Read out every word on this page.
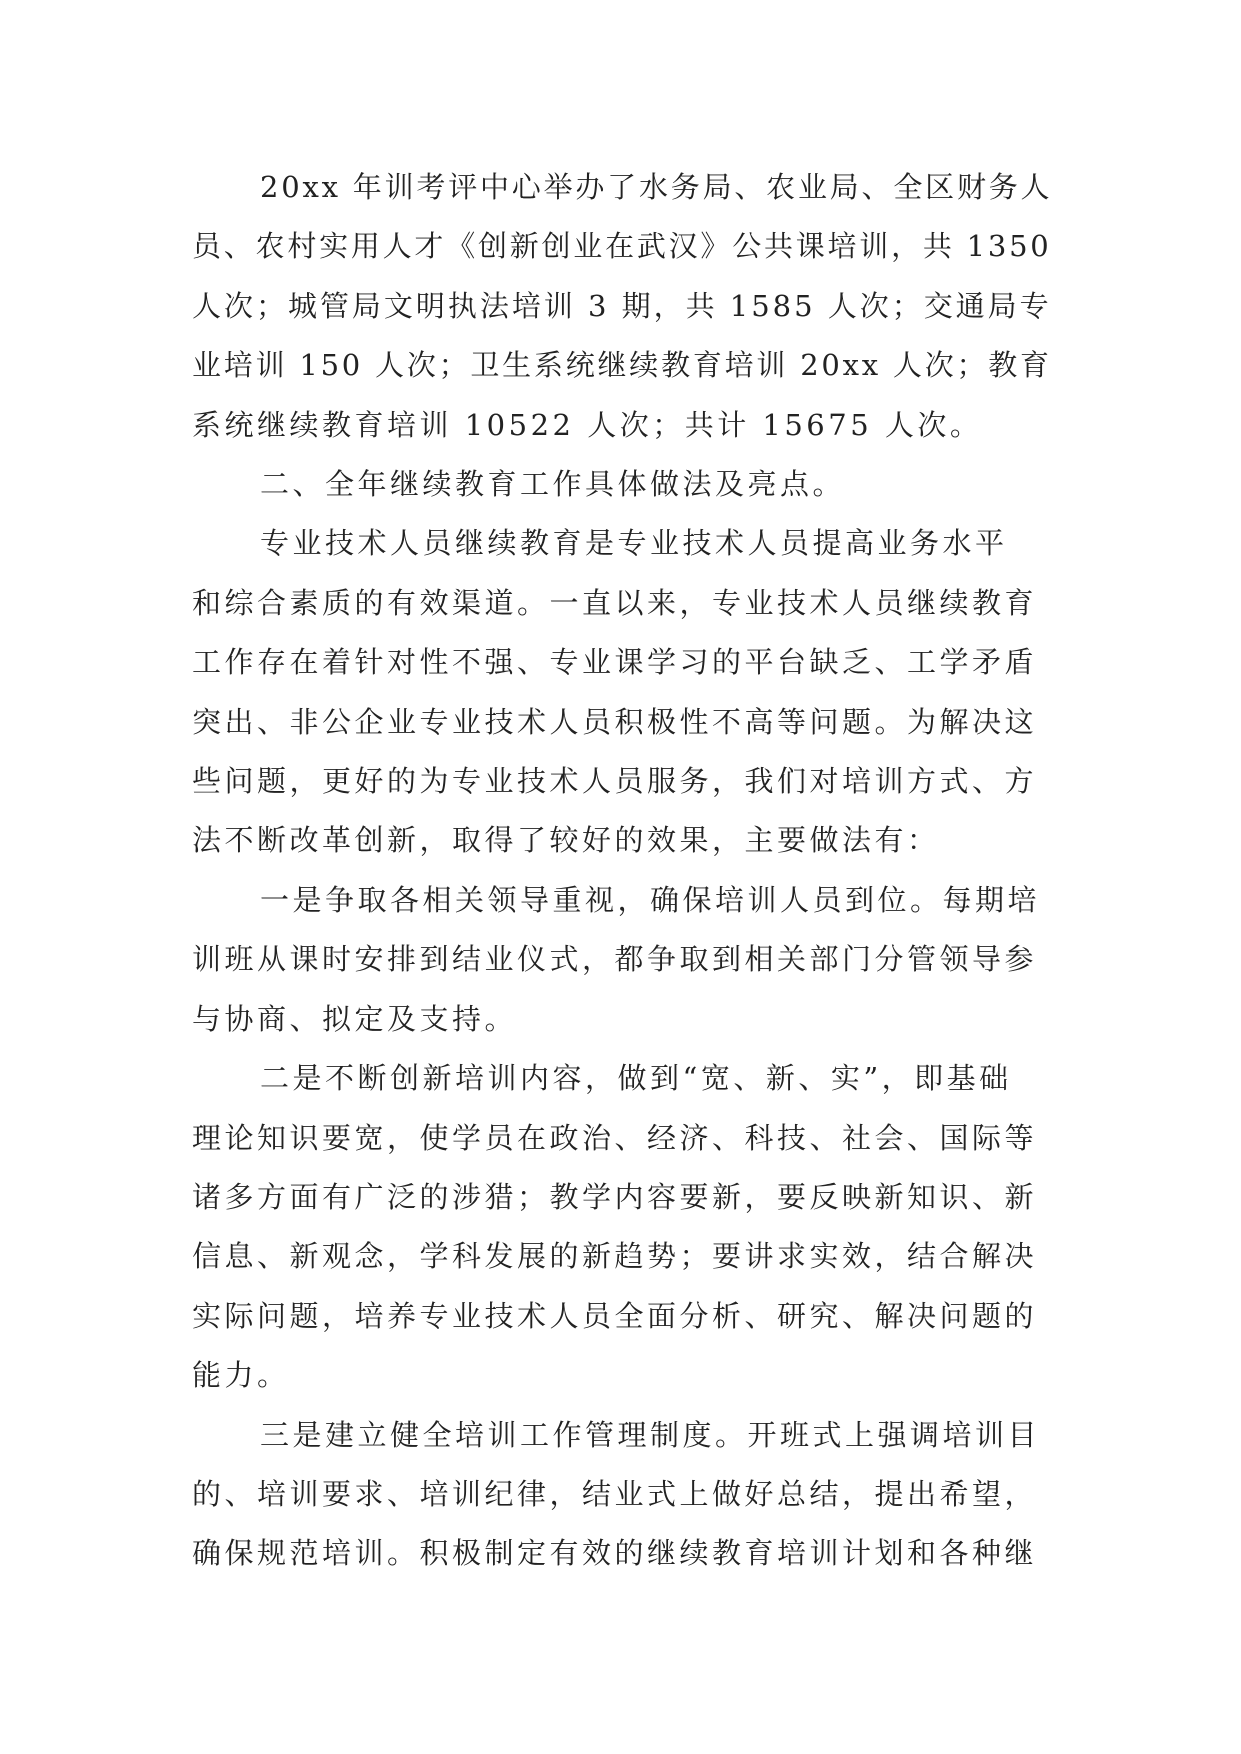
20xx 年训考评中心举办了水务局、农业局、全区财务人
员、农村实用人才《创新创业在武汉》公共课培训，共 1350
人次；城管局文明执法培训 3 期，共 1585 人次；交通局专
业培训 150 人次；卫生系统继续教育培训 20xx 人次；教育
系统继续教育培训 10522 人次；共计 15675 人次。

二、全年继续教育工作具体做法及亮点。

专业技术人员继续教育是专业技术人员提高业务水平
和综合素质的有效渠道。一直以来，专业技术人员继续教育
工作存在着针对性不强、专业课学习的平台缺乏、工学矛盾
突出、非公企业专业技术人员积极性不高等问题。为解决这
些问题，更好的为专业技术人员服务，我们对培训方式、方
法不断改革创新，取得了较好的效果，主要做法有：

一是争取各相关领导重视，确保培训人员到位。每期培
训班从课时安排到结业仪式，都争取到相关部门分管领导参
与协商、拟定及支持。

二是不断创新培训内容，做到“宽、新、实”，即基础
理论知识要宽，使学员在政治、经济、科技、社会、国际等
诸多方面有广泛的涉猎；教学内容要新，要反映新知识、新
信息、新观念，学科发展的新趋势；要讲求实效，结合解决
实际问题，培养专业技术人员全面分析、研究、解决问题的
能力。

三是建立健全培训工作管理制度。开班式上强调培训目
的、培训要求、培训纪律，结业式上做好总结，提出希望，
确保规范培训。积极制定有效的继续教育培训计划和各种继
